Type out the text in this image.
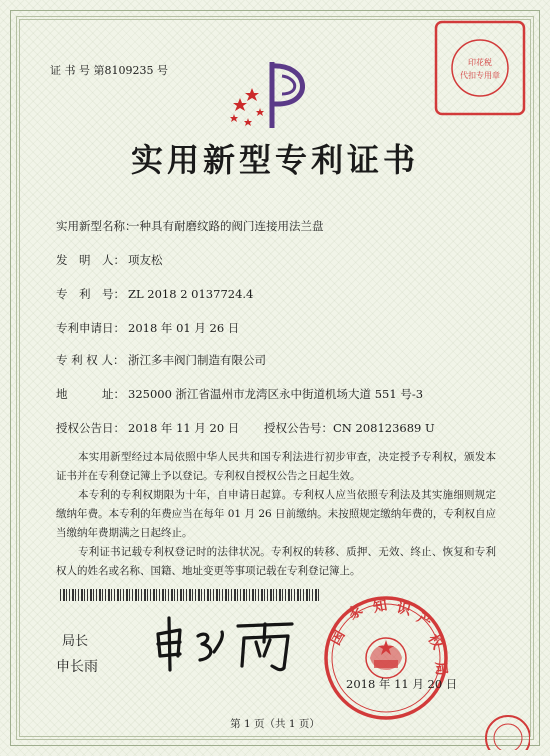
证 书 号 第8109235 号
实用新型专利证书
实用新型名称：一种具有耐磨纹路的阀门连接用法兰盘
发　明　人： 项友松
专　利　号： ZL 2018 2 0137724.4
专利申请日： 2018 年 01 月 26 日
专 利 权 人： 浙江多丰阀门制造有限公司
地　　　址： 325000 浙江省温州市龙湾区永中街道机场大道 551 号-3
授权公告日： 2018 年 11 月 20 日 授权公告号：CN 208123689 U
本实用新型经过本局依照中华人民共和国专利法进行初步审查，决定授予专利权，颁发本证书并在专利登记簿上予以登记。专利权自授权公告之日起生效。
本专利的专利权期限为十年，自申请日起算。专利权人应当依照专利法及其实施细则规定缴纳年费。本专利的年费应当在每年 01 月 26 日前缴纳。未按照规定缴纳年费的，专利权自应当缴纳年费期满之日起终止。
专利证书记载专利权登记时的法律状况。专利权的转移、质押、无效、终止、恢复和专利权人的姓名或名称、国籍、地址变更等事项记载在专利登记簿上。
局长
申长雨
印花税
代扣专用章
国
家 知 识
产
权
局
2018 年 11 月 20 日
第 1 页（共 1 页）
